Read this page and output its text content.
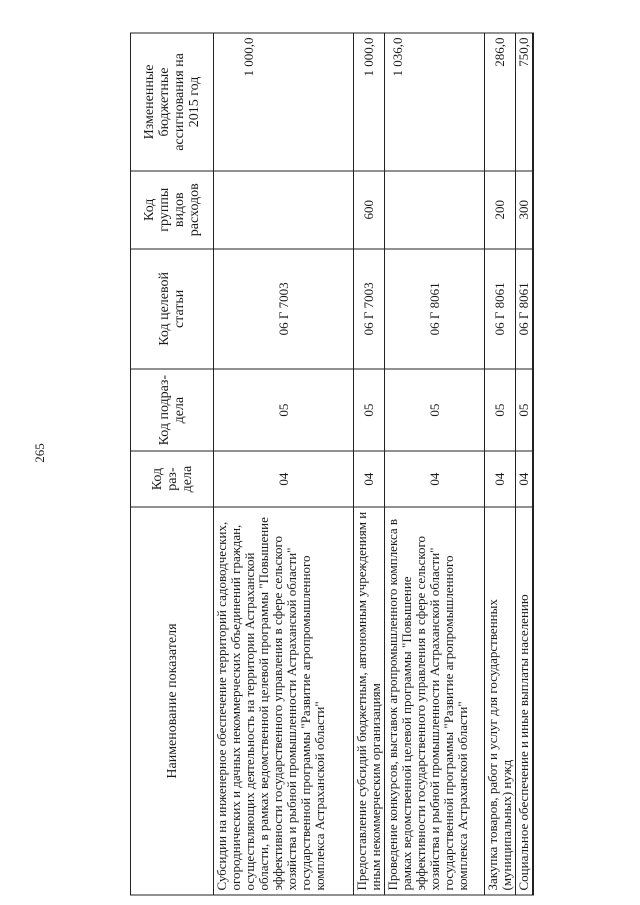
265
Наименование показателя	Код раз-дела	Код подраз-дела	Код целевой статьи	Код группы видов расходов	Измененные бюджетные ассигнования на 2015 год
Субсидии на инженерное обеспечение территорий садоводческих, огороднических и дачных некоммерческих объединений граждан, осуществляющих деятельность на территории Астраханской области, в рамках ведомственной целевой программы "Повышение эффективности государственного управления в сфере сельского хозяйства и рыбной промышленности Астраханской области" государственной программы "Развитие агропромышленного комплекса Астраханской области"	04	05	06 Г 7003		1 000,0
Предоставление субсидий бюджетным, автономным учреждениям и иным некоммерческим организациям	04	05	06 Г 7003	600	1 000,0
Проведение конкурсов, выставок агропромышленного комплекса в рамках ведомственной целевой программы "Повышение эффективности государственного управления в сфере сельского хозяйства и рыбной промышленности Астраханской области" государственной программы "Развитие агропромышленного комплекса Астраханской области"	04	05	06 Г 8061		1 036,0
Закупка товаров, работ и услуг для государственных (муниципальных) нужд	04	05	06 Г 8061	200	286,0
Социальное обеспечение и иные выплаты населению	04	05	06 Г 8061	300	750,0
